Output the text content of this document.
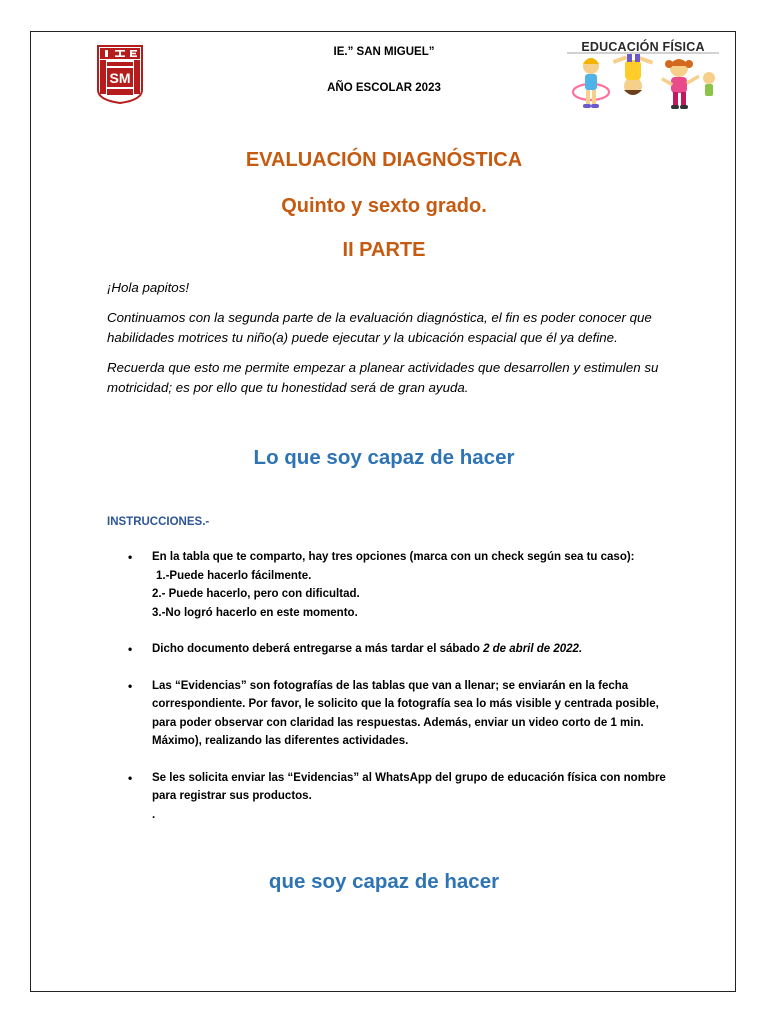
SM
IE.” SAN MIGUEL”
AÑO ESCOLAR 2023
EDUCACIÓN FÍSICA
EVALUACIÓN DIAGNÓSTICA
Quinto y sexto grado.
II PARTE
¡Hola papitos!
Continuamos con la segunda parte de la evaluación diagnóstica, el fin es poder conocer que habilidades motrices tu niño(a) puede ejecutar y la ubicación espacial que él ya define.
Recuerda que esto me permite empezar a planear actividades que desarrollen y estimulen su motricidad; es por ello que tu honestidad será de gran ayuda.
Lo que soy capaz de hacer
INSTRUCCIONES.-
• En la tabla que te comparto, hay tres opciones (marca con un check según sea tu caso):
1.-Puede hacerlo fácilmente.
2.- Puede hacerlo, pero con dificultad.
3.-No logró hacerlo en este momento.
• Dicho documento deberá entregarse a más tardar el sábado 2 de abril de 2022.
• Las “Evidencias” son fotografías de las tablas que van a llenar; se enviarán en la fecha correspondiente. Por favor, le solicito que la fotografía sea lo más visible y centrada posible, para poder observar con claridad las respuestas. Además, enviar un video corto de 1 min. Máximo), realizando las diferentes actividades.
• Se les solicita enviar las “Evidencias” al WhatsApp del grupo de educación física con nombre para registrar sus productos.
.
que soy capaz de hacer
